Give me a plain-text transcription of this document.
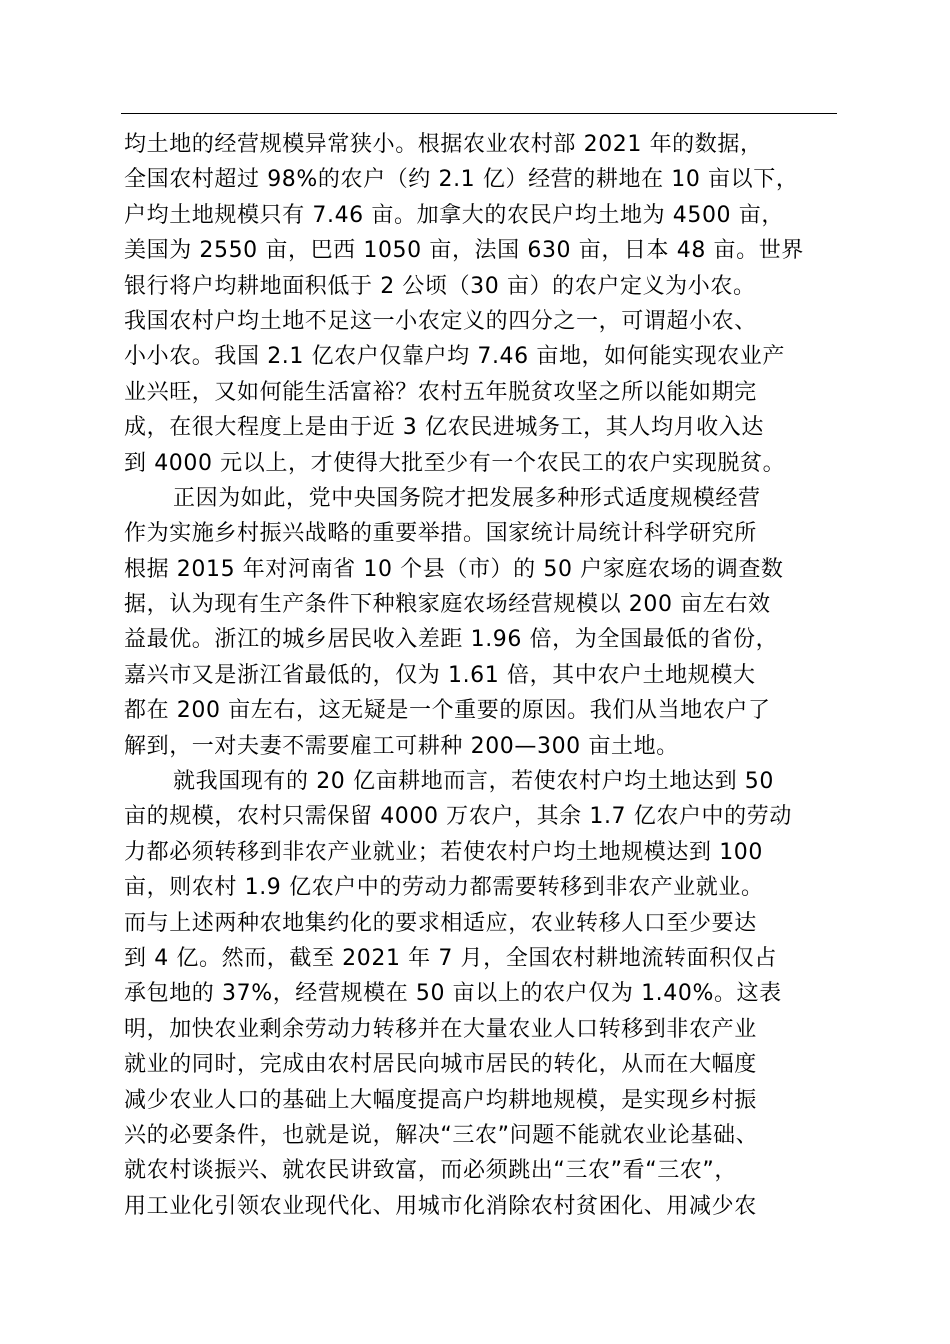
均土地的经营规模异常狭小。根据农业农村部 2021 年的数据，
全国农村超过 98%的农户（约 2.1 亿）经营的耕地在 10 亩以下，
户均土地规模只有 7.46 亩。加拿大的农民户均土地为 4500 亩，
美国为 2550 亩，巴西 1050 亩，法国 630 亩，日本 48 亩。世界
银行将户均耕地面积低于 2 公顷（30 亩）的农户定义为小农。
我国农村户均土地不足这一小农定义的四分之一，可谓超小农、
小小农。我国 2.1 亿农户仅靠户均 7.46 亩地，如何能实现农业产
业兴旺，又如何能生活富裕？农村五年脱贫攻坚之所以能如期完
成，在很大程度上是由于近 3 亿农民进城务工，其人均月收入达
到 4000 元以上，才使得大批至少有一个农民工的农户实现脱贫。
正因为如此，党中央国务院才把发展多种形式适度规模经营
作为实施乡村振兴战略的重要举措。国家统计局统计科学研究所
根据 2015 年对河南省 10 个县（市）的 50 户家庭农场的调查数
据，认为现有生产条件下种粮家庭农场经营规模以 200 亩左右效
益最优。浙江的城乡居民收入差距 1.96 倍，为全国最低的省份，
嘉兴市又是浙江省最低的，仅为 1.61 倍，其中农户土地规模大
都在 200 亩左右，这无疑是一个重要的原因。我们从当地农户了
解到，一对夫妻不需要雇工可耕种 200—300 亩土地。
就我国现有的 20 亿亩耕地而言，若使农村户均土地达到 50
亩的规模，农村只需保留 4000 万农户，其余 1.7 亿农户中的劳动
力都必须转移到非农产业就业；若使农村户均土地规模达到 100
亩，则农村 1.9 亿农户中的劳动力都需要转移到非农产业就业。
而与上述两种农地集约化的要求相适应，农业转移人口至少要达
到 4 亿。然而，截至 2021 年 7 月，全国农村耕地流转面积仅占
承包地的 37%，经营规模在 50 亩以上的农户仅为 1.40%。这表
明，加快农业剩余劳动力转移并在大量农业人口转移到非农产业
就业的同时，完成由农村居民向城市居民的转化，从而在大幅度
减少农业人口的基础上大幅度提高户均耕地规模，是实现乡村振
兴的必要条件，也就是说，解决“三农”问题不能就农业论基础、
就农村谈振兴、就农民讲致富，而必须跳出“三农”看“三农”，
用工业化引领农业现代化、用城市化消除农村贫困化、用减少农
